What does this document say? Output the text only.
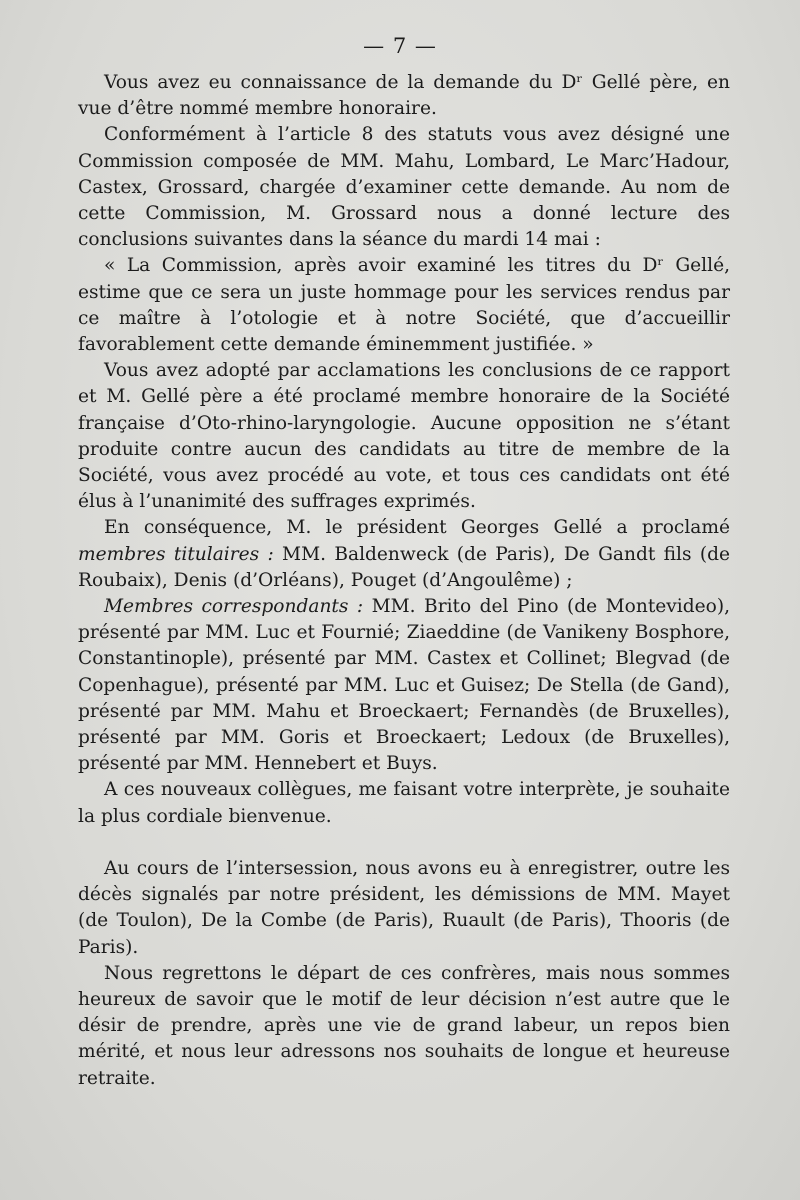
— 7 —

Vous avez eu connaissance de la demande du Dʳ Gellé père, en vue d’être nommé membre honoraire.

Conformément à l’article 8 des statuts vous avez désigné une Commission composée de MM. Mahu, Lombard, Le Marc’Hadour, Castex, Grossard, chargée d’examiner cette demande. Au nom de cette Commission, M. Grossard nous a donné lecture des conclusions suivantes dans la séance du mardi 14 mai :

« La Commission, après avoir examiné les titres du Dʳ Gellé, estime que ce sera un juste hommage pour les services rendus par ce maître à l’otologie et à notre Société, que d’accueillir favorablement cette demande éminemment justifiée. »

Vous avez adopté par acclamations les conclusions de ce rapport et M. Gellé père a été proclamé membre honoraire de la Société française d’Oto-rhino-laryngologie. Aucune opposition ne s’étant produite contre aucun des candidats au titre de membre de la Société, vous avez procédé au vote, et tous ces candidats ont été élus à l’unanimité des suffrages exprimés.

En conséquence, M. le président Georges Gellé a proclamé membres titulaires : MM. Baldenweck (de Paris), De Gandt fils (de Roubaix), Denis (d’Orléans), Pouget (d’Angoulême) ;

Membres correspondants : MM. Brito del Pino (de Montevideo), présenté par MM. Luc et Fournié; Ziaeddine (de Vanikeny Bosphore, Constantinople), présenté par MM. Castex et Collinet; Blegvad (de Copenhague), présenté par MM. Luc et Guisez; De Stella (de Gand), présenté par MM. Mahu et Broeckaert; Fernandès (de Bruxelles), présenté par MM. Goris et Broeckaert; Ledoux (de Bruxelles), présenté par MM. Hennebert et Buys.

A ces nouveaux collègues, me faisant votre interprète, je souhaite la plus cordiale bienvenue.

Au cours de l’intersession, nous avons eu à enregistrer, outre les décès signalés par notre président, les démissions de MM. Mayet (de Toulon), De la Combe (de Paris), Ruault (de Paris), Thooris (de Paris).

Nous regrettons le départ de ces confrères, mais nous sommes heureux de savoir que le motif de leur décision n’est autre que le désir de prendre, après une vie de grand labeur, un repos bien mérité, et nous leur adressons nos souhaits de longue et heureuse retraite.
